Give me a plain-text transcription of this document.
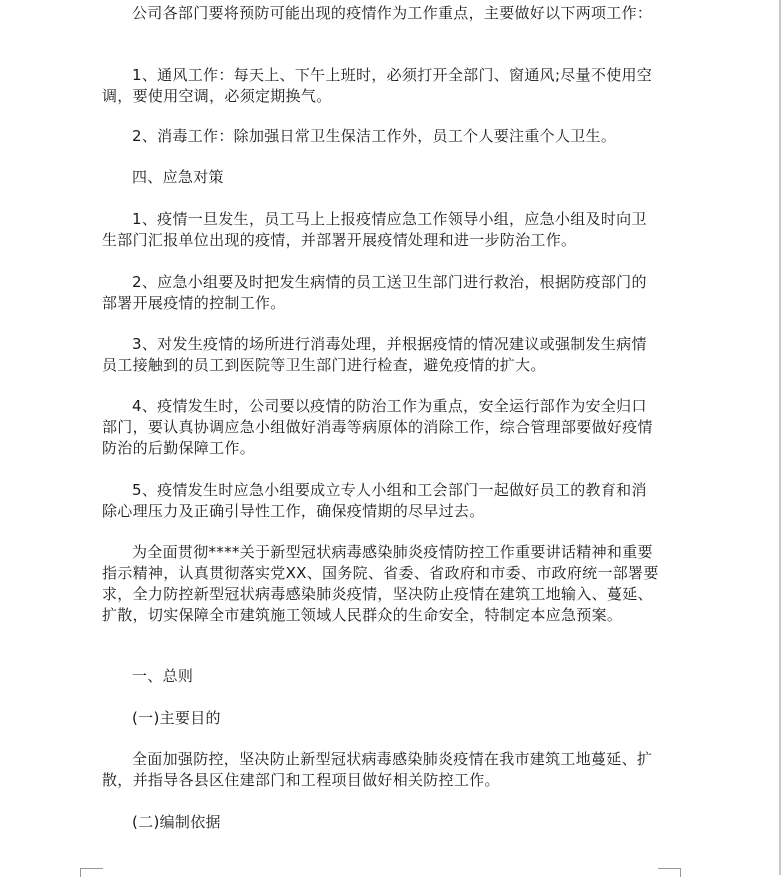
公司各部门要将预防可能出现的疫情作为工作重点，主要做好以下两项工作：

1、通风工作：每天上、下午上班时，必须打开全部门、窗通风;尽量不使用空调，要使用空调，必须定期换气。

2、消毒工作：除加强日常卫生保洁工作外，员工个人要注重个人卫生。

四、应急对策

1、疫情一旦发生，员工马上上报疫情应急工作领导小组，应急小组及时向卫生部门汇报单位出现的疫情，并部署开展疫情处理和进一步防治工作。

2、应急小组要及时把发生病情的员工送卫生部门进行救治，根据防疫部门的部署开展疫情的控制工作。

3、对发生疫情的场所进行消毒处理，并根据疫情的情况建议或强制发生病情员工接触到的员工到医院等卫生部门进行检查，避免疫情的扩大。

4、疫情发生时，公司要以疫情的防治工作为重点，安全运行部作为安全归口部门，要认真协调应急小组做好消毒等病原体的消除工作，综合管理部要做好疫情防治的后勤保障工作。

5、疫情发生时应急小组要成立专人小组和工会部门一起做好员工的教育和消除心理压力及正确引导性工作，确保疫情期的尽早过去。

为全面贯彻****关于新型冠状病毒感染肺炎疫情防控工作重要讲话精神和重要指示精神，认真贯彻落实党XX、国务院、省委、省政府和市委、市政府统一部署要求，全力防控新型冠状病毒感染肺炎疫情，坚决防止疫情在建筑工地输入、蔓延、扩散，切实保障全市建筑施工领域人民群众的生命安全，特制定本应急预案。

一、总则

(一)主要目的

全面加强防控，坚决防止新型冠状病毒感染肺炎疫情在我市建筑工地蔓延、扩散，并指导各县区住建部门和工程项目做好相关防控工作。

(二)编制依据
